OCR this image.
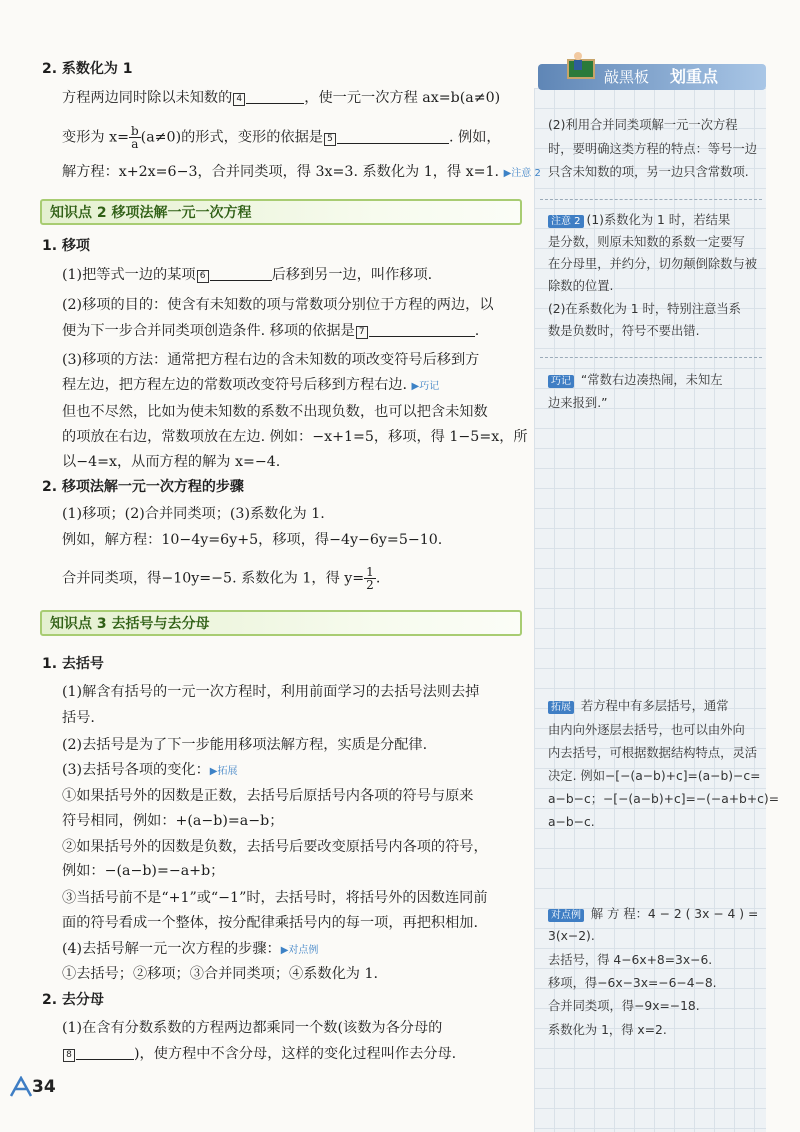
敲黑板 划重点
2. 系数化为 1
方程两边同时除以未知数的 4	，使一元一次方程 ax=b(a≠0)
变形为 $x= \frac{b}{a} (a\ne 0)$的形式，变形的依据是 5	. 例如，
解方程：x+2x=6−3，合并同类项，得 3x=3. 系数化为 1，得 x=1. ▶注意 2
知识点 2 移项法解一元一次方程
1. 移项
(1)把等式一边的某项 6	后移到另一边，叫作移项.
(2)移项的目的：使含有未知数的项与常数项分别位于方程的两边，以
便为下一步合并同类项创造条件. 移项的依据是 7	.
(3)移项的方法：通常把方程右边的含未知数的项改变符号后移到方
程左边，把方程左边的常数项改变符号后移到方程右边. ▶巧记
但也不尽然，比如为使未知数的系数不出现负数，也可以把含未知数
的项放在右边，常数项放在左边. 例如：−x+1=5，移项，得 1−5=x，所
以−4=x，从而方程的解为 x=−4.
2. 移项法解一元一次方程的步骤
(1)移项；(2)合并同类项；(3)系数化为 1.
例如，解方程：10−4y=6y+5，移项，得−4y−6y=5−10.
合并同类项，得−10y=−5. 系数化为 1，得 $y= \frac{1}{2}$ .
知识点 3 去括号与去分母
1. 去括号
(1)解含有括号的一元一次方程时，利用前面学习的去括号法则去掉
括号.
(2)去括号是为了下一步能用移项法解方程，实质是分配律.
(3)去括号各项的变化：▶拓展
①如果括号外的因数是正数，去括号后原括号内各项的符号与原来
符号相同，例如：+(a−b)=a−b；
②如果括号外的因数是负数，去括号后要改变原括号内各项的符号，
例如：−(a−b)=−a+b；
③当括号前不是“+1”或“−1”时，去括号时，将括号外的因数连同前
面的符号看成一个整体，按分配律乘括号内的每一项，再把积相加.
(4)去括号解一元一次方程的步骤：▶对点例
①去括号；②移项；③合并同类项；④系数化为 1.
2. 去分母
(1)在含有分数系数的方程两边都乘同一个数(该数为各分母的
8	)，使方程中不含分母，这样的变化过程叫作去分母.
34
(2)利用合并同类项解一元一次方程
时，要明确这类方程的特点：等号一边
只含未知数的项，另一边只含常数项.
注意 2 (1)系数化为 1 时，若结果
是分数，则原未知数的系数一定要写
在分母里，并约分，切勿颠倒除数与被
除数的位置.
(2)在系数化为 1 时，特别注意当系
数是负数时，符号不要出错.
巧记 “常数右边凑热闹，未知左
边来报到.”
拓展 若方程中有多层括号，通常
由内向外逐层去括号，也可以由外向
内去括号，可根据数据结构特点，灵活
决定. 例如−[−(a−b)+c]=(a−b)−c=
a−b−c；−[−(a−b)+c]=−(−a+b+c)=
a−b−c.
对点例 解 方 程：4 − 2 ( 3x − 4 ) =
3(x−2).
去括号，得 4−6x+8=3x−6.
移项，得−6x−3x=−6−4−8.
合并同类项，得−9x=−18.
系数化为 1，得 x=2.
